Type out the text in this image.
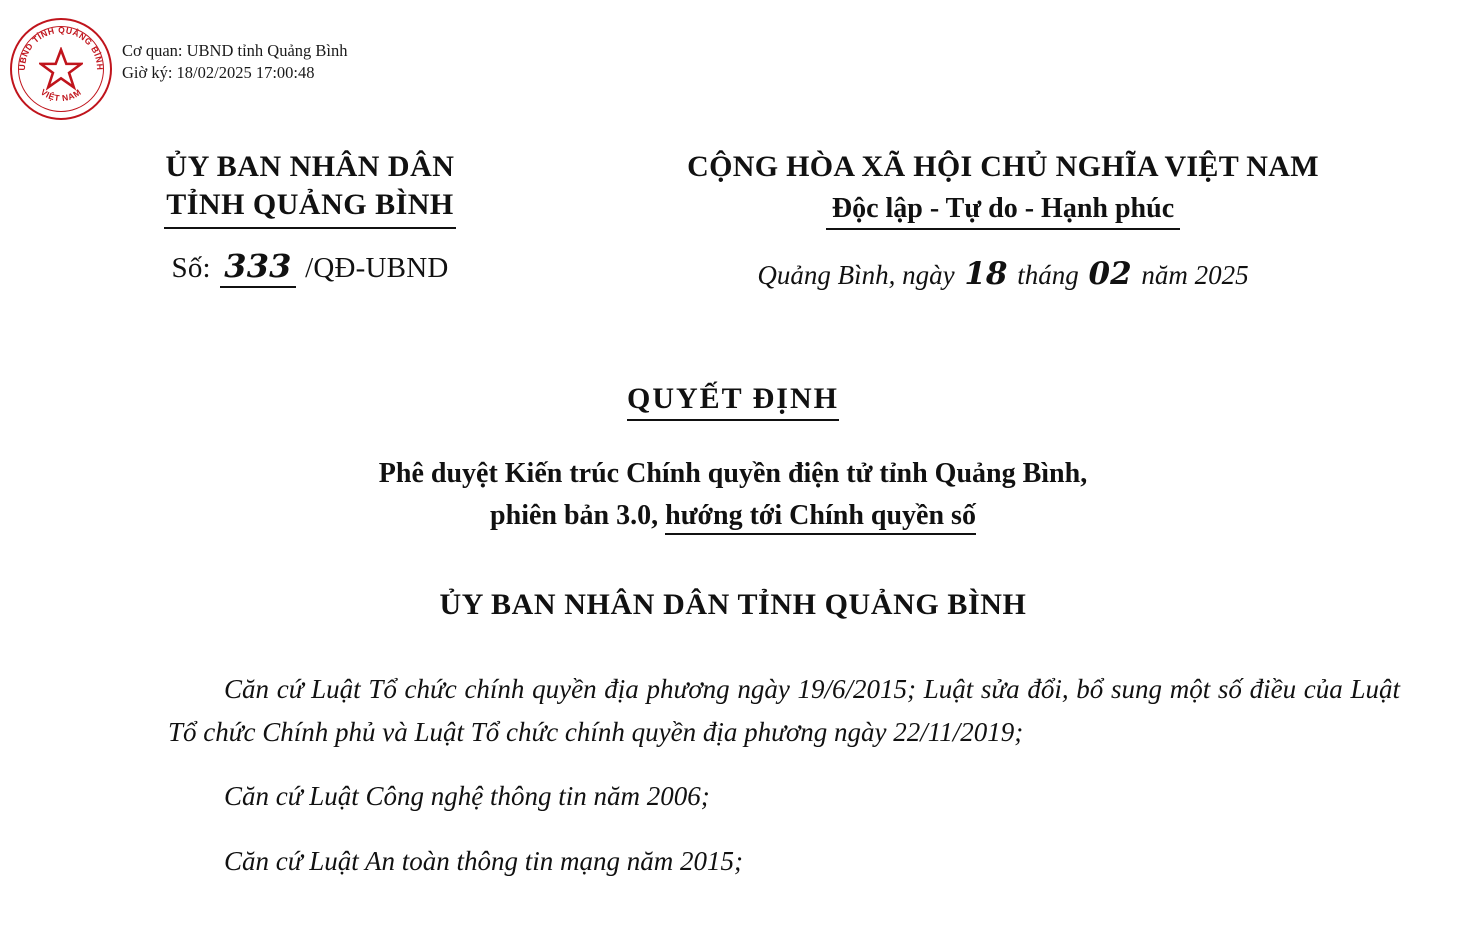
UBND TỈNH QUẢNG BÌNH
VIỆT NAM
Cơ quan: UBND tỉnh Quảng Bình
Giờ ký: 18/02/2025 17:00:48
ỦY BAN NHÂN DÂN
TỈNH QUẢNG BÌNH
Số: 333 /QĐ-UBND
CỘNG HÒA XÃ HỘI CHỦ NGHĨA VIỆT NAM
Độc lập - Tự do - Hạnh phúc
Quảng Bình, ngày 18 tháng 02 năm 2025
QUYẾT ĐỊNH
Phê duyệt Kiến trúc Chính quyền điện tử tỉnh Quảng Bình,
phiên bản 3.0, hướng tới Chính quyền số
ỦY BAN NHÂN DÂN TỈNH QUẢNG BÌNH

Căn cứ Luật Tổ chức chính quyền địa phương ngày 19/6/2015; Luật sửa đổi, bổ sung một số điều của Luật Tổ chức Chính phủ và Luật Tổ chức chính quyền địa phương ngày 22/11/2019;

Căn cứ Luật Công nghệ thông tin năm 2006;

Căn cứ Luật An toàn thông tin mạng năm 2015;
